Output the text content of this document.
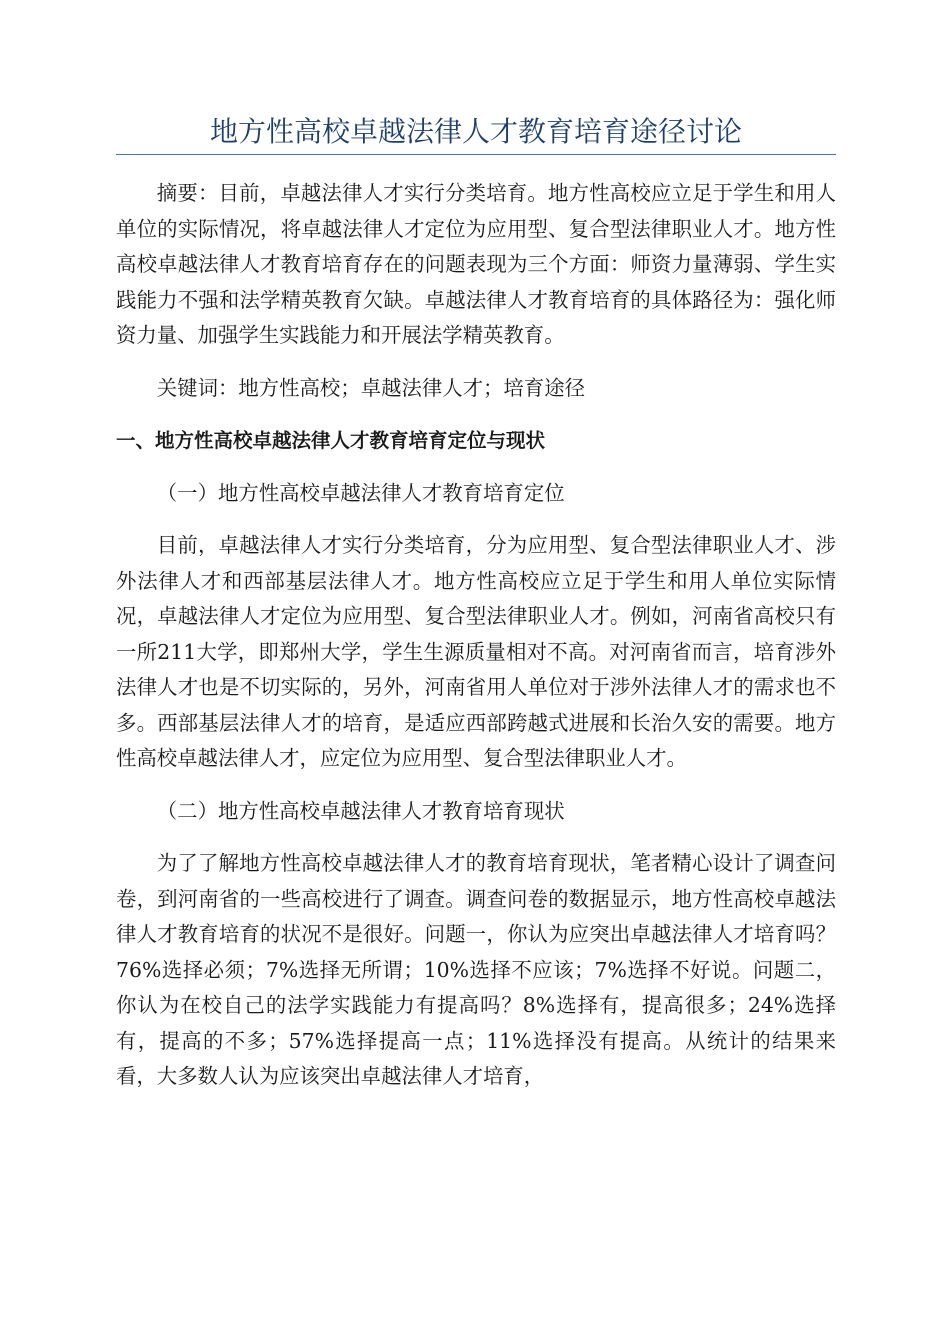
地方性高校卓越法律人才教育培育途径讨论

摘要：目前，卓越法律人才实行分类培育。地方性高校应立足于学生和用人单位的实际情况，将卓越法律人才定位为应用型、复合型法律职业人才。地方性高校卓越法律人才教育培育存在的问题表现为三个方面：师资力量薄弱、学生实践能力不强和法学精英教育欠缺。卓越法律人才教育培育的具体路径为：强化师资力量、加强学生实践能力和开展法学精英教育。

关键词：地方性高校；卓越法律人才；培育途径

一、地方性高校卓越法律人才教育培育定位与现状

（一）地方性高校卓越法律人才教育培育定位

目前，卓越法律人才实行分类培育，分为应用型、复合型法律职业人才、涉外法律人才和西部基层法律人才。地方性高校应立足于学生和用人单位实际情况，卓越法律人才定位为应用型、复合型法律职业人才。例如，河南省高校只有一所211大学，即郑州大学，学生生源质量相对不高。对河南省而言，培育涉外法律人才也是不切实际的，另外，河南省用人单位对于涉外法律人才的需求也不多。西部基层法律人才的培育，是适应西部跨越式进展和长治久安的需要。地方性高校卓越法律人才，应定位为应用型、复合型法律职业人才。

（二）地方性高校卓越法律人才教育培育现状

为了了解地方性高校卓越法律人才的教育培育现状，笔者精心设计了调查问卷，到河南省的一些高校进行了调查。调查问卷的数据显示，地方性高校卓越法律人才教育培育的状况不是很好。问题一，你认为应突出卓越法律人才培育吗？76%选择必须；7%选择无所谓；10%选择不应该；7%选择不好说。问题二，你认为在校自己的法学实践能力有提高吗？8%选择有，提高很多；24%选择有，提高的不多；57%选择提高一点；11%选择没有提高。从统计的结果来看，大多数人认为应该突出卓越法律人才培育，
